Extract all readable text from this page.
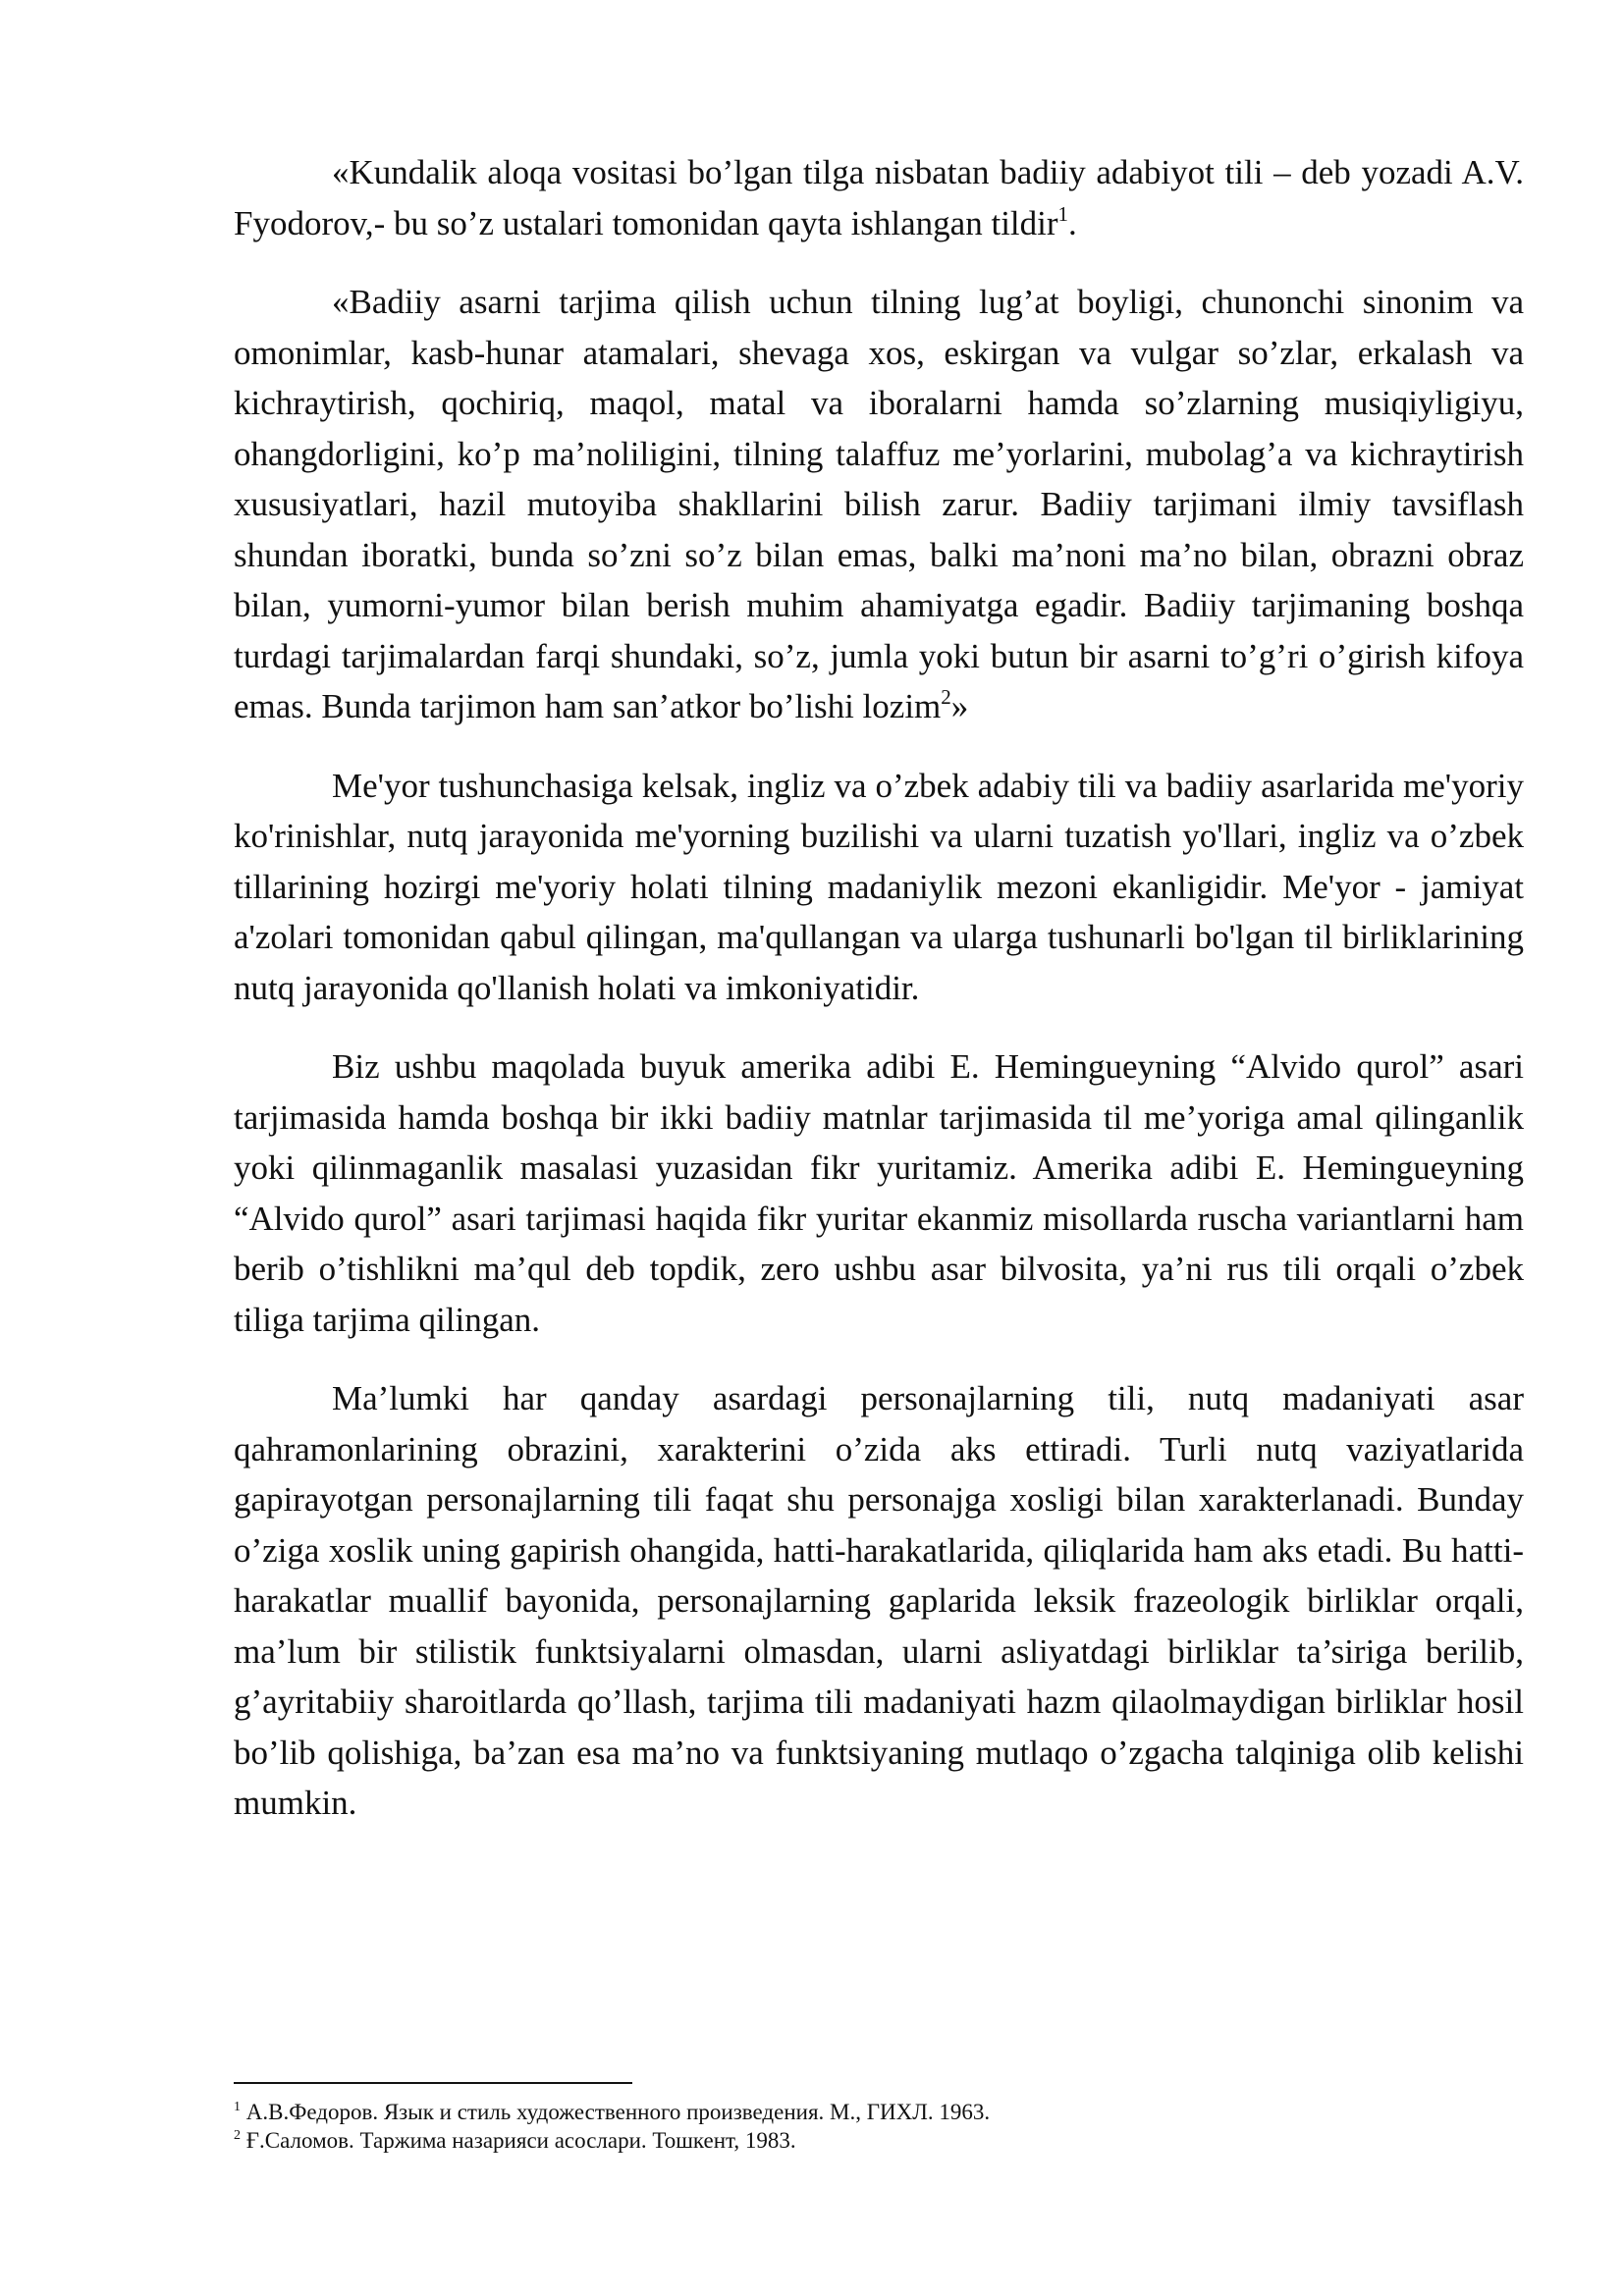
«Kundalik aloqa vositasi bo’lgan tilga nisbatan badiiy adabiyot tili – deb yozadi A.V. Fyodorov,- bu so’z ustalari tomonidan qayta ishlangan tildir$^1$.

«Badiiy asarni tarjima qilish uchun tilning lug’at boyligi, chunonchi sinonim va omonimlar, kasb-hunar atamalari, shevaga xos, eskirgan va vulgar so’zlar, erkalash va kichraytirish, qochiriq, maqol, matal va iboralarni hamda so’zlarning musiqiyligiyu, ohangdorligini, ko’p ma’noliligini, tilning talaffuz me’yorlarini, mubolag’a va kichraytirish xususiyatlari, hazil mutoyiba shakllarini bilish zarur. Badiiy tarjimani ilmiy tavsiflash shundan iboratki, bunda so’zni so’z bilan emas, balki ma’noni ma’no bilan, obrazni obraz bilan, yumorni-yumor bilan berish muhim ahamiyatga egadir. Badiiy tarjimaning boshqa turdagi tarjimalardan farqi shundaki, so’z, jumla yoki butun bir asarni to’g’ri o’girish kifoya emas. Bunda tarjimon ham san’atkor bo’lishi lozim$^2$»

Me'yor tushunchasiga kelsak, ingliz va o’zbek adabiy tili va badiiy asarlarida me'yoriy ko'rinishlar, nutq jarayonida me'yorning buzilishi va ularni tuzatish yo'llari, ingliz va o’zbek tillarining hozirgi me'yoriy holati tilning madaniylik mezoni ekanligidir. Me'yor - jamiyat a'zolari tomonidan qabul qilingan, ma'qullangan va ularga tushunarli bo'lgan til birliklarining nutq jarayonida qo'llanish holati va imkoniyatidir.

Biz ushbu maqolada buyuk amerika adibi E. Hemingueyning “Alvido qurol” asari tarjimasida hamda boshqa bir ikki badiiy matnlar tarjimasida til me’yoriga amal qilinganlik yoki qilinmaganlik masalasi yuzasidan fikr yuritamiz. Amerika adibi E. Hemingueyning “Alvido qurol” asari tarjimasi haqida fikr yuritar ekanmiz misollarda ruscha variantlarni ham berib o’tishlikni ma’qul deb topdik, zero ushbu asar bilvosita, ya’ni rus tili orqali o’zbek tiliga tarjima qilingan.

Ma’lumki har qanday asardagi personajlarning tili, nutq madaniyati asar qahramonlarining obrazini, xarakterini o’zida aks ettiradi. Turli nutq vaziyatlarida gapirayotgan personajlarning tili faqat shu personajga xosligi bilan xarakterlanadi. Bunday o’ziga xoslik uning gapirish ohangida, hatti-harakatlarida, qiliqlarida ham aks etadi. Bu hatti-harakatlar muallif bayonida, personajlarning gaplarida leksik frazeologik birliklar orqali, ma’lum bir stilistik funktsiyalarni olmasdan, ularni asliyatdagi birliklar ta’siriga berilib, g’ayritabiiy sharoitlarda qo’llash, tarjima tili madaniyati hazm qilaolmaydigan birliklar hosil bo’lib qolishiga, ba’zan esa ma’no va funktsiyaning mutlaqo o’zgacha talqiniga olib kelishi mumkin.

$^1$ А.В.Федоров. Язык и стиль художественного произведения. М., ГИХЛ. 1963.

$^2$ Ғ.Саломов. Таржима назарияси асослари. Тошкент, 1983.
